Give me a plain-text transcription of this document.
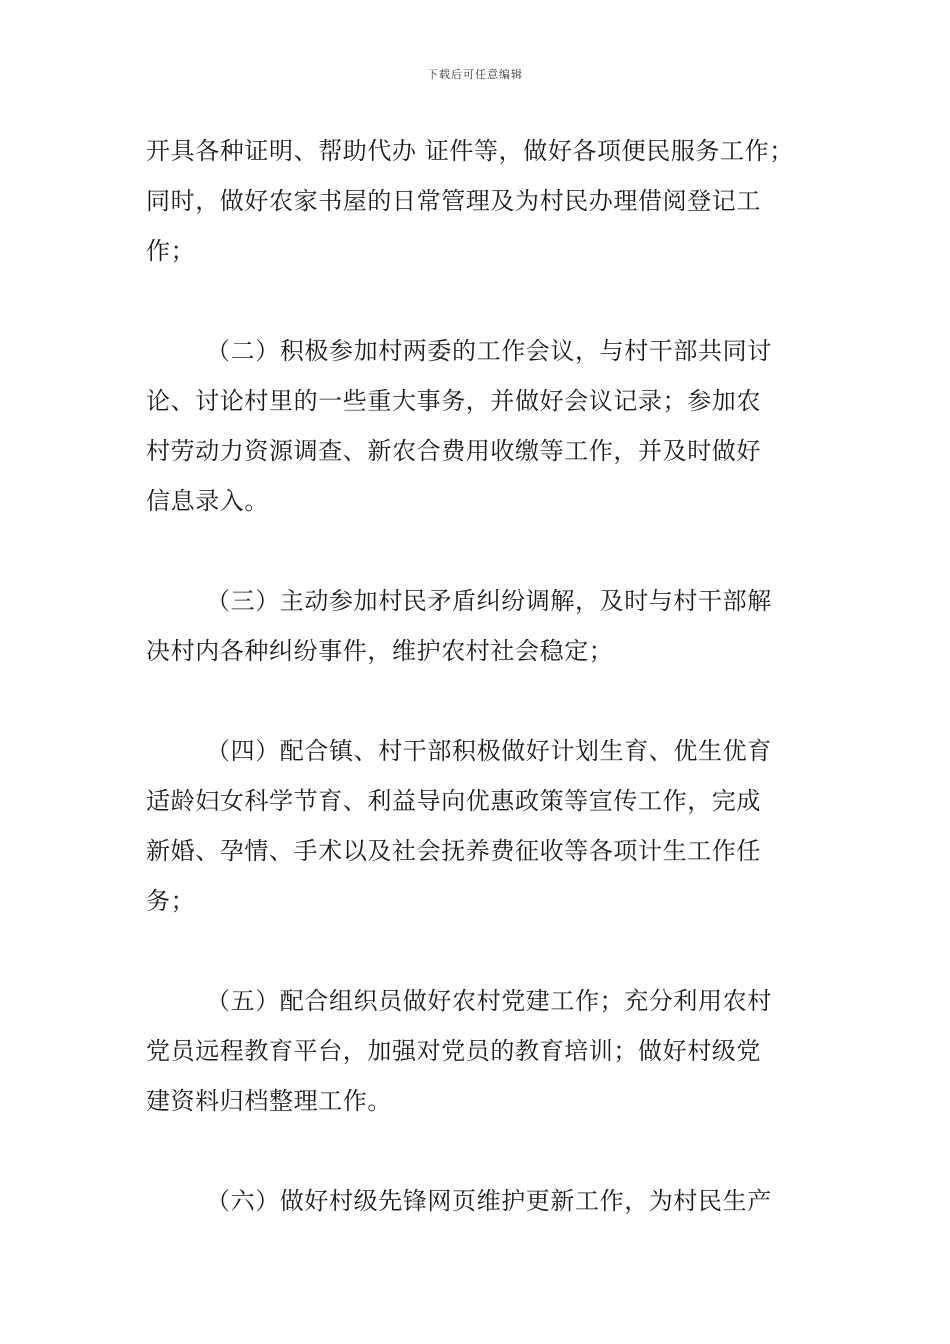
下载后可任意编辑

开具各种证明、帮助代办 证件等，做好各项便民服务工作；
同时，做好农家书屋的日常管理及为村民办理借阅登记工
作；

（二）积极参加村两委的工作会议，与村干部共同讨
论、讨论村里的一些重大事务，并做好会议记录；参加农
村劳动力资源调查、新农合费用收缴等工作，并及时做好
信息录入。

（三）主动参加村民矛盾纠纷调解，及时与村干部解
决村内各种纠纷事件，维护农村社会稳定；

（四）配合镇、村干部积极做好计划生育、优生优育
适龄妇女科学节育、利益导向优惠政策等宣传工作，完成
新婚、孕情、手术以及社会抚养费征收等各项计生工作任
务；

（五）配合组织员做好农村党建工作；充分利用农村
党员远程教育平台，加强对党员的教育培训；做好村级党
建资料归档整理工作。

（六）做好村级先锋网页维护更新工作，为村民生产
